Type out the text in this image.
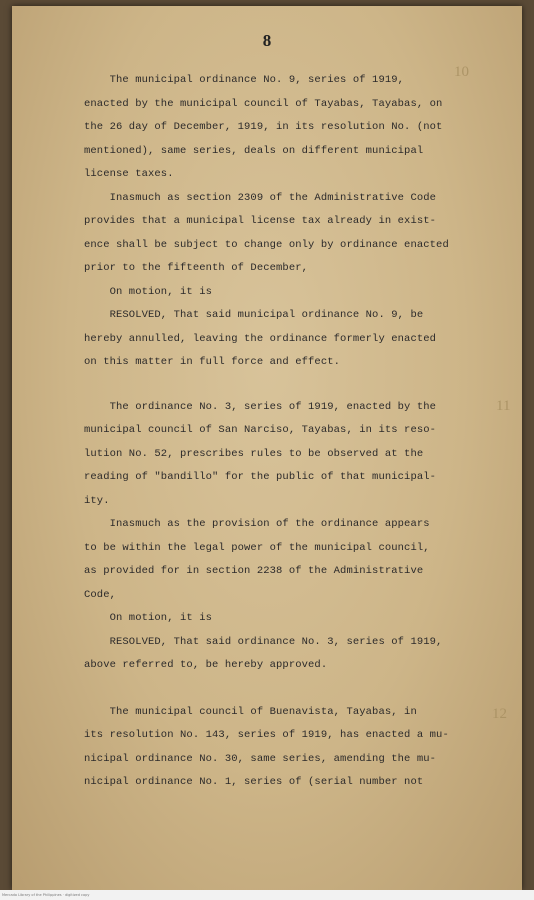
8
10
11
12
The municipal ordinance No. 9, series of 1919,
enacted by the municipal council of Tayabas, Tayabas, on
the 26 day of December, 1919, in its resolution No. (not
mentioned), same series, deals on different municipal
license taxes.
Inasmuch as section 2309 of the Administrative Code
provides that a municipal license tax already in exist-
ence shall be subject to change only by ordinance enacted
prior to the fifteenth of December,
On motion, it is
RESOLVED, That said municipal ordinance No. 9, be
hereby annulled, leaving the ordinance formerly enacted
on this matter in full force and effect.
The ordinance No. 3, series of 1919, enacted by the
municipal council of San Narciso, Tayabas, in its reso-
lution No. 52, prescribes rules to be observed at the
reading of "bandillo" for the public of that municipal-
ity.
Inasmuch as the provision of the ordinance appears
to be within the legal power of the municipal council,
as provided for in section 2238 of the Administrative
Code,
On motion, it is
RESOLVED, That said ordinance No. 3, series of 1919,
above referred to, be hereby approved.
The municipal council of Buenavista, Tayabas, in
its resolution No. 143, series of 1919, has enacted a mu-
nicipal ordinance No. 30, same series, amending the mu-
nicipal ordinance No. 1, series of (serial number not
Mercado Library of the Philippines · digitized copy
